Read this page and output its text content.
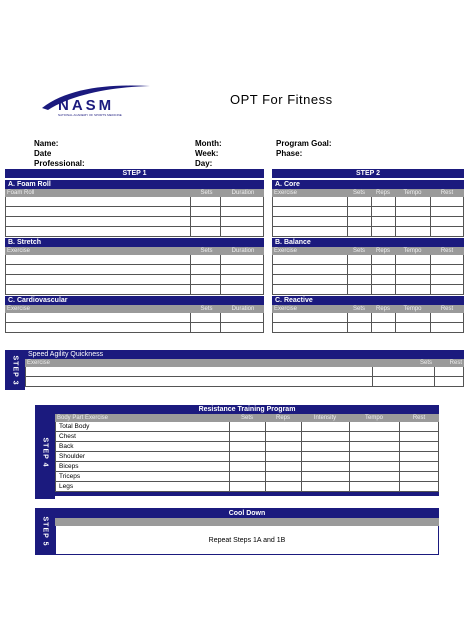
NASM
NATIONAL ACADEMY OF SPORTS MEDICINE
OPT For Fitness
Name:
Date
Professional:
Month:
Week:
Day:
Program Goal:
Phase:
STEP 1
A. Foam Roll
Foam Roll	Sets	Duration
B. Stretch
Exercise	Sets	Duration
C. Cardiovascular
Exercise	Sets	Duration
STEP 2
A. Core
Exercise	Sets	Reps	Tempo	Rest
B. Balance
Exercise	Sets	Reps	Tempo	Rest
C. Reactive
Exercise	Sets	Reps	Tempo	Rest
STEP 3
Speed Agility Quickness
Exercise	Sets	Rest
STEP 4
Resistance Training Program
Body Part Exercise	Sets	Reps	Intensity	Tempo	Rest
Total Body
Chest
Back
Shoulder
Biceps
Triceps
Legs
STEP 5
Cool Down
Repeat Steps 1A and 1B
